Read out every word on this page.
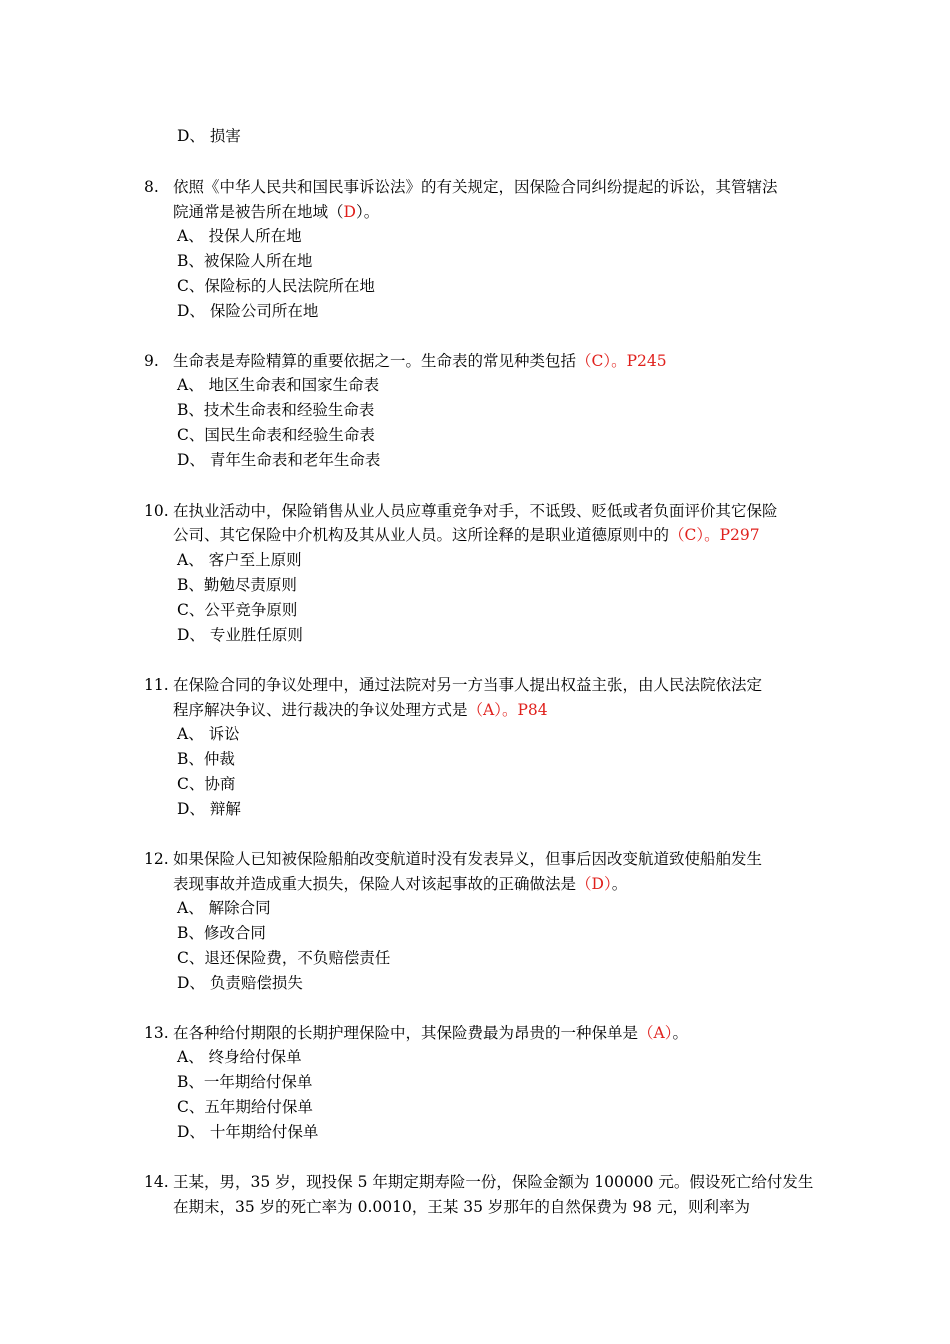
D、 损害
8. 依照《中华人民共和国民事诉讼法》的有关规定，因保险合同纠纷提起的诉讼，其管辖法
院通常是被告所在地域（D）。
A、 投保人所在地
B、被保险人所在地
C、保险标的人民法院所在地
D、 保险公司所在地
9. 生命表是寿险精算的重要依据之一。生命表的常见种类包括（C）。P245
A、 地区生命表和国家生命表
B、技术生命表和经验生命表
C、国民生命表和经验生命表
D、 青年生命表和老年生命表
10. 在执业活动中，保险销售从业人员应尊重竞争对手，不诋毁、贬低或者负面评价其它保险
公司、其它保险中介机构及其从业人员。这所诠释的是职业道德原则中的（C）。P297
A、 客户至上原则
B、勤勉尽责原则
C、公平竞争原则
D、 专业胜任原则
11. 在保险合同的争议处理中，通过法院对另一方当事人提出权益主张，由人民法院依法定
程序解决争议、进行裁决的争议处理方式是（A）。P84
A、 诉讼
B、仲裁
C、协商
D、 辩解
12. 如果保险人已知被保险船舶改变航道时没有发表异义，但事后因改变航道致使船舶发生
表现事故并造成重大损失，保险人对该起事故的正确做法是（D）。
A、 解除合同
B、修改合同
C、退还保险费，不负赔偿责任
D、 负责赔偿损失
13. 在各种给付期限的长期护理保险中，其保险费最为昂贵的一种保单是（A）。
A、 终身给付保单
B、一年期给付保单
C、五年期给付保单
D、 十年期给付保单
14. 王某，男，35 岁，现投保 5 年期定期寿险一份，保险金额为 100000 元。假设死亡给付发生
在期末，35 岁的死亡率为 0.0010，王某 35 岁那年的自然保费为 98 元，则利率为
